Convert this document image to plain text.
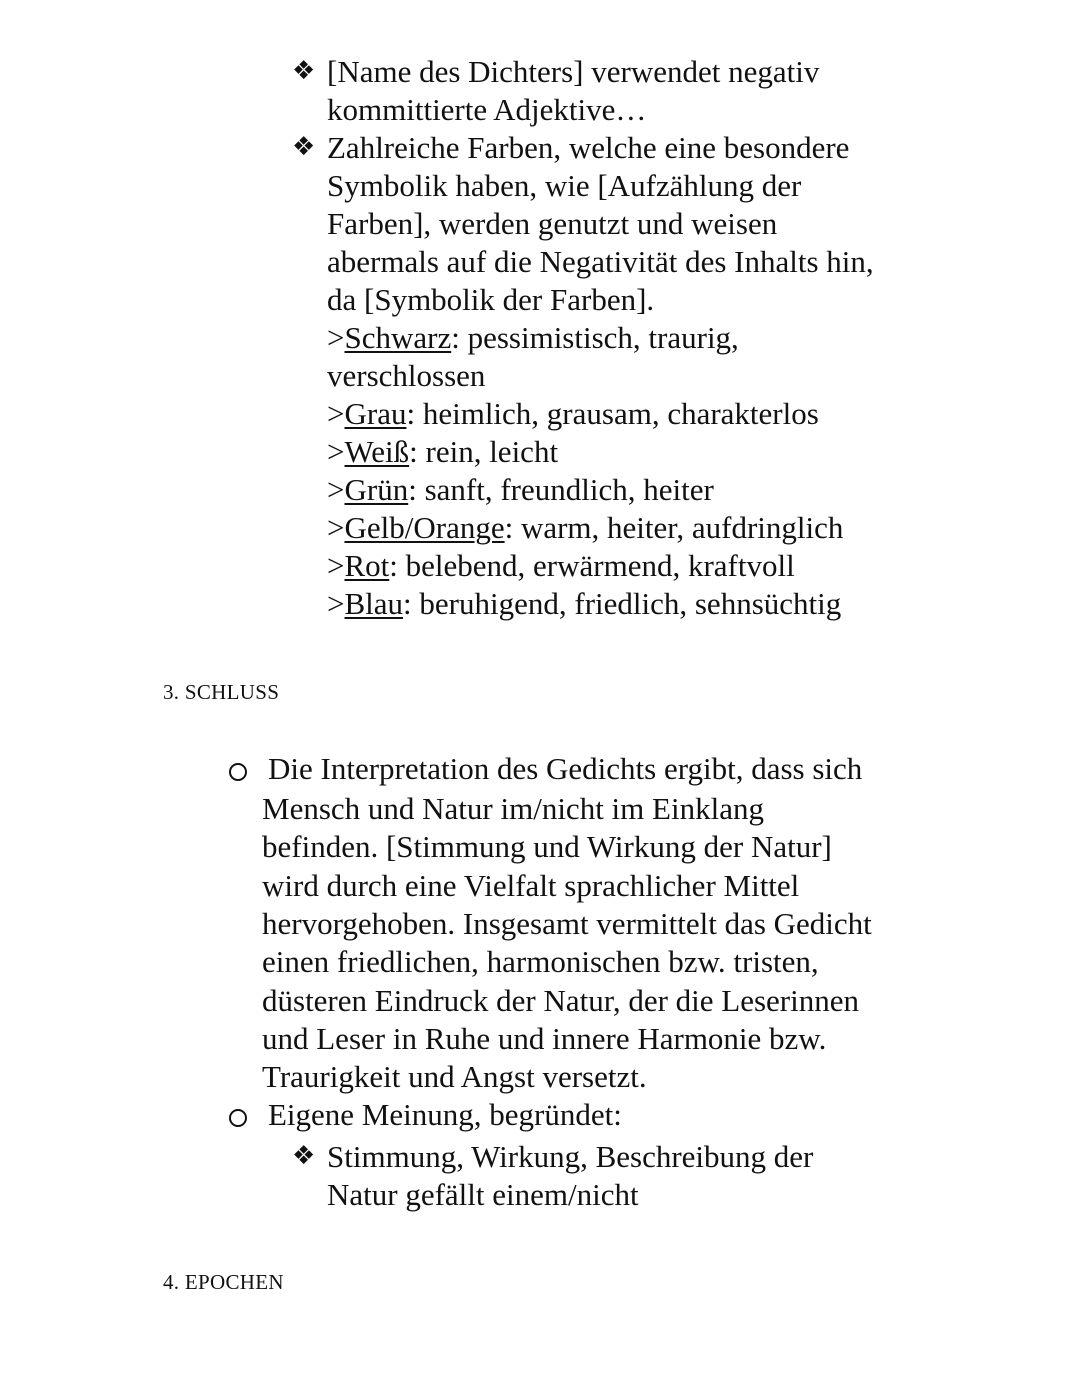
❖ [Name des Dichters] verwendet negativ
kommittierte Adjektive…
❖ Zahlreiche Farben, welche eine besondere
Symbolik haben, wie [Aufzählung der
Farben], werden genutzt und weisen
abermals auf die Negativität des Inhalts hin,
da [Symbolik der Farben].
>Schwarz: pessimistisch, traurig,
verschlossen
>Grau: heimlich, grausam, charakterlos
>Weiß: rein, leicht
>Grün: sanft, freundlich, heiter
>Gelb/Orange: warm, heiter, aufdringlich
>Rot: belebend, erwärmend, kraftvoll
>Blau: beruhigend, friedlich, sehnsüchtig
3. SCHLUSS
Die Interpretation des Gedichts ergibt, dass sich
Mensch und Natur im/nicht im Einklang
befinden. [Stimmung und Wirkung der Natur]
wird durch eine Vielfalt sprachlicher Mittel
hervorgehoben. Insgesamt vermittelt das Gedicht
einen friedlichen, harmonischen bzw. tristen,
düsteren Eindruck der Natur, der die Leserinnen
und Leser in Ruhe und innere Harmonie bzw.
Traurigkeit und Angst versetzt.
Eigene Meinung, begründet:
❖ Stimmung, Wirkung, Beschreibung der
Natur gefällt einem/nicht
4. EPOCHEN
